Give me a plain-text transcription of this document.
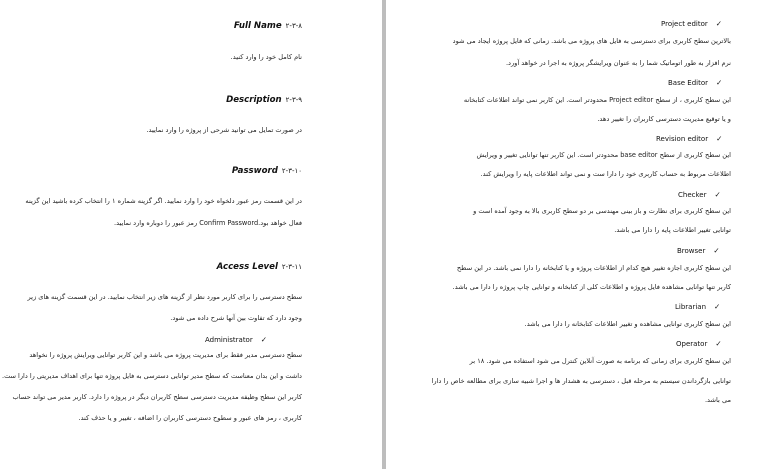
Full Name ۲-۳-۸
نام کامل خود را وارد کنید.
Description ۲-۳-۹
در صورت تمایل می توانید شرحی از پروژه را وارد نمایید.
Password ۲-۳-۱۰
در این قسمت رمز عبور دلخواه خود را وارد نمایید. اگر گزینه شماره ۱ را انتخاب کرده باشید این گزینه
فعال خواهد بود.Confirm Password رمز عبور را دوباره وارد نمایید.
Access Level ۲-۳-۱۱
سطح دسترسی را برای کاربر مورد نظر از گزینه های زیر انتخاب نمایید. در این قسمت گزینه های زیر
وجود دارد که تفاوت بین آنها شرح داده می شود.
Administrator ✓
سطح دسترسی مدیر فقط برای مدیریت پروژه می باشد و این کاربر توانایی ویرایش پروژه را نخواهد
داشت و این بدان معناست که سطح مدیر توانایی دسترسی به فایل پروژه تنها برای اهداف مدیریتی را دارا ست.
کاربر این سطح وظیفه مدیریت دسترسی سطح کاربران دیگر در پروژه را دارد. کاربر مدیر می تواند حساب
کاربری ، رمز های عبور و سطوح دسترسی کاربران را اضافه ، تغییر و یا حذف کند.
Project editor ✓
بالاترین سطح کاربری برای دسترسی به فایل های پروژه می باشد. زمانی که فایل پروژه ایجاد می شود
نرم افزار به طور اتوماتیک شما را به عنوان ویرایشگر پروژه به اجرا در خواهد آورد.
Base Editor ✓
این سطح کاربری ، از سطح Project editor محدودتر است. این کاربر نمی تواند اطلاعات کتابخانه
و یا توقیع مدیریت دسترسی کاربران را تغییر دهد.
Revision editor ✓
این سطح کاربری از سطح base editor محدودتر است. این کاربر تنها توانایی تغییر و ویرایش
اطلاعات مربوط به حساب کاربری خود را دارا ست و نمی تواند اطلاعات پایه را ویرایش کند.
Checker ✓
این سطح کاربری برای نظارت و باز بینی مهندسی بر دو سطح کاربری بالا به وجود آمده است و
توانایی تغییر اطلاعات پایه را دارا می باشد.
Browser ✓
این سطح کاربری اجازه تغییر هیچ کدام از اطلاعات پروژه و یا کتابخانه را دارا نمی باشد. در این سطح
کاربر تنها توانایی مشاهده فایل پروژه و اطلاعات کلی از کتابخانه و توانایی چاپ پروژه را دارا می باشد.
Librarian ✓
این سطح کاربری توانایی مشاهده و تغییر اطلاعات کتابخانه را دارا می باشد.
Operator ✓
این سطح کاربری برای زمانی که برنامه به صورت آنلاین کنترل می شود استفاده می شود. ۱۸ بر
توانایی بازگرداندن سیستم به مرحله قبل ، دسترسی به هشدار ها و اجرا شبیه سازی برای مطالعه خاص را دارا
می باشد.
